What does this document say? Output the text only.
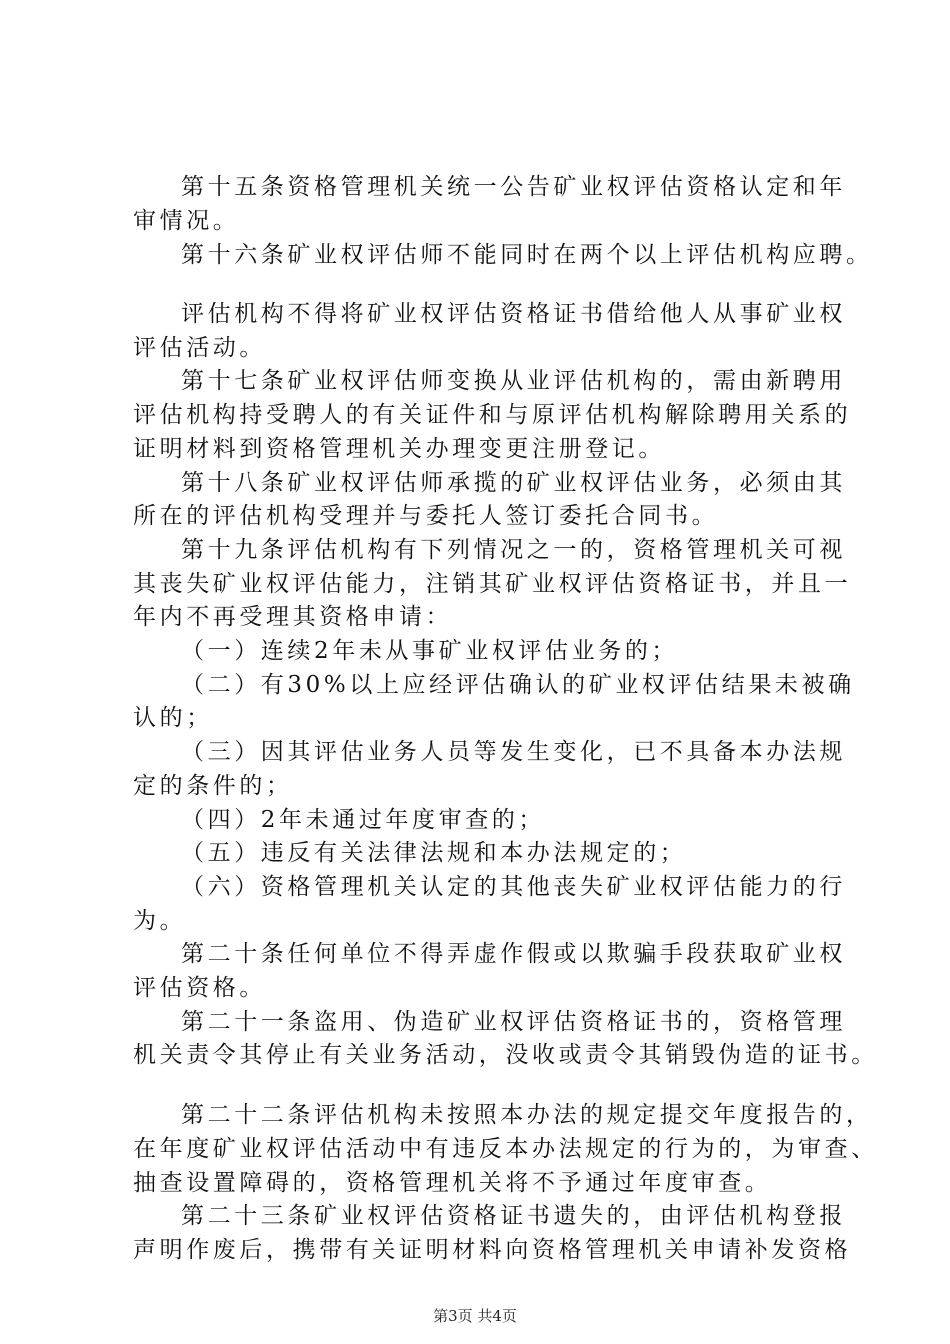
第十五条资格管理机关统一公告矿业权评估资格认定和年
审情况。
第十六条矿业权评估师不能同时在两个以上评估机构应聘。
评估机构不得将矿业权评估资格证书借给他人从事矿业权
评估活动。
第十七条矿业权评估师变换从业评估机构的，需由新聘用
评估机构持受聘人的有关证件和与原评估机构解除聘用关系的
证明材料到资格管理机关办理变更注册登记。
第十八条矿业权评估师承揽的矿业权评估业务，必须由其
所在的评估机构受理并与委托人签订委托合同书。
第十九条评估机构有下列情况之一的，资格管理机关可视
其丧失矿业权评估能力，注销其矿业权评估资格证书，并且一
年内不再受理其资格申请：
（一）连续2年未从事矿业权评估业务的；
（二）有30%以上应经评估确认的矿业权评估结果未被确
认的；
（三）因其评估业务人员等发生变化，已不具备本办法规
定的条件的；
（四）2年未通过年度审查的；
（五）违反有关法律法规和本办法规定的；
（六）资格管理机关认定的其他丧失矿业权评估能力的行
为。
第二十条任何单位不得弄虚作假或以欺骗手段获取矿业权
评估资格。
第二十一条盗用、伪造矿业权评估资格证书的，资格管理
机关责令其停止有关业务活动，没收或责令其销毁伪造的证书。
第二十二条评估机构未按照本办法的规定提交年度报告的，
在年度矿业权评估活动中有违反本办法规定的行为的，为审查、
抽查设置障碍的，资格管理机关将不予通过年度审查。
第二十三条矿业权评估资格证书遗失的，由评估机构登报
声明作废后，携带有关证明材料向资格管理机关申请补发资格
第3页 共4页
